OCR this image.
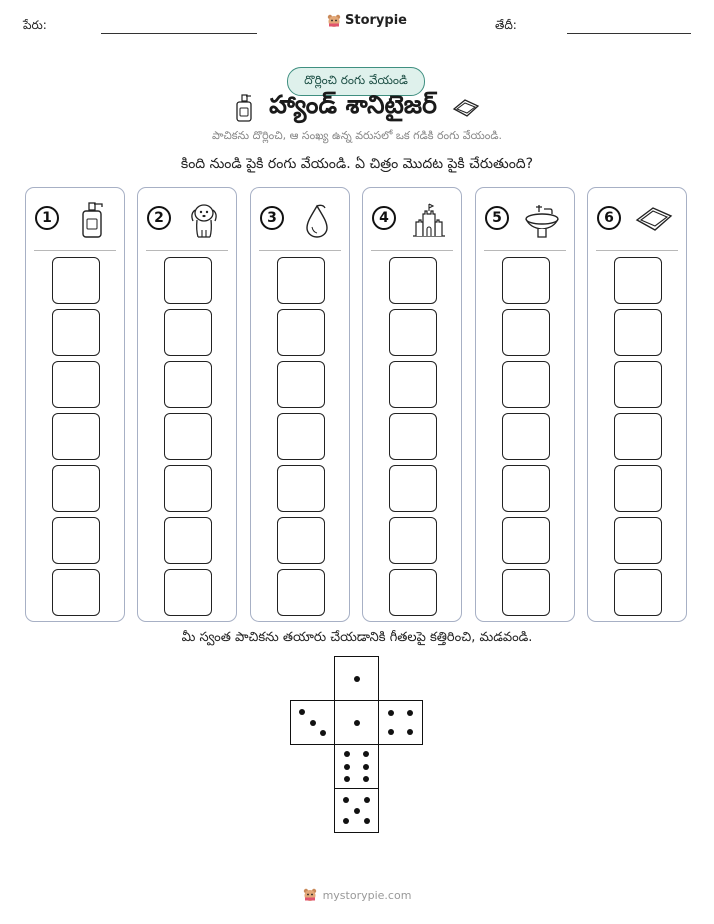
పేరు:	Storypie	తేదీ:
దొర్లించి రంగు వేయండి
హ్యాండ్ శానిటైజర్
పాచికను దొర్లించి, ఆ సంఖ్య ఉన్న వరుసలో ఒక గడికి రంగు వేయండి.
కింది నుండి పైకి రంగు వేయండి. ఏ చిత్రం మొదట పైకి చేరుతుంది?
1	2	3	4	5	6
మీ స్వంత పాచికను తయారు చేయడానికి గీతలపై కత్తిరించి, మడవండి.
mystorypie.com
